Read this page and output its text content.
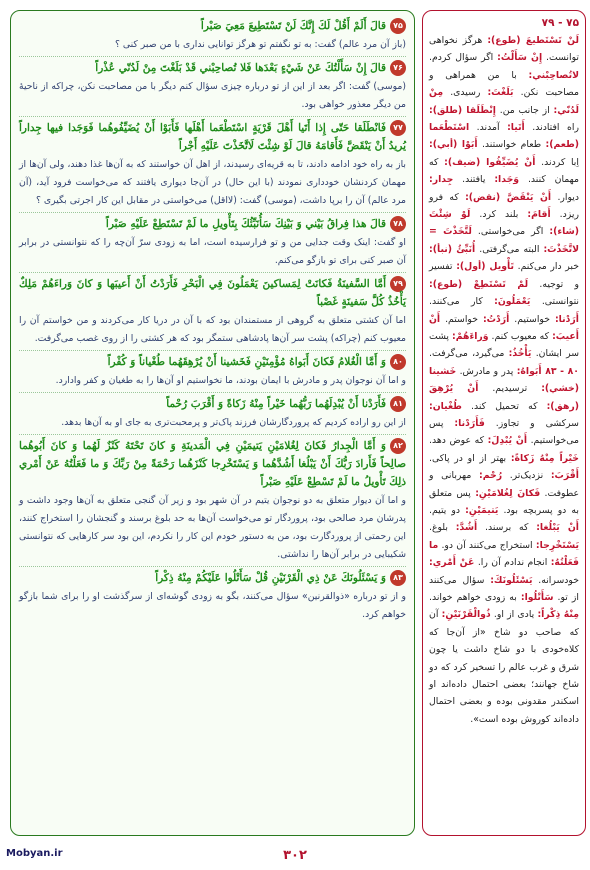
۷۵قالَ أَلَمْ أَقُلْ لَكَ إِنَّكَ لَنْ تَسْتَطِيعَ مَعِيَ صَبْراً
(باز آن مرد عالم) گفت: به تو نگفتم تو هرگز توانایی نداری با من صبر کنی ؟
۷۶قالَ إِنْ سَأَلْتُكَ عَنْ شَيْءٍ بَعْدَها فَلا تُصاحِبْني قَدْ بَلَغْتَ مِنْ لَدُنّي عُذْراً
(موسی) گفت: اگر بعد از این از تو درباره چیزی سؤال کنم دیگر با من مصاحبت نکن، چراکه از ناحیهٔ من دیگر معذور خواهی بود.
۷۷فَانْطَلَقا حَتّى إِذا أَتَيا أَهْلَ قَرْيَةٍ اسْتَطْعَما أَهْلَها فَأَبَوْا أَنْ يُضَيِّفُوهُما فَوَجَدا فيها جِداراً يُريدُ أَنْ يَنْقَضَّ فَأَقامَهُ قالَ لَوْ شِئْتَ لَاتَّخَذْتَ عَلَيْهِ أَجْراً
باز به راه خود ادامه دادند، تا به قریه‌ای رسیدند، از اهل آن خواستند که به آن‌ها غذا دهند، ولی آن‌ها از مهمان کردنشان خودداری نمودند (با این حال) در آن‌جا دیواری یافتند که می‌خواست فرود آید، (آن مرد عالم) آن را برپا داشت، (موسی) گفت: (لااقل) می‌خواستی در مقابل این کار اجرتی بگیری ؟
۷۸قالَ هذا فِراقُ بَيْني وَ بَيْنِكَ سَأُنَبِّئُكَ بِتَأْويلِ ما لَمْ تَسْتَطِعْ عَلَيْهِ صَبْراً
او گفت: اینک وقت جدایی من و تو فرارسیده است، اما به زودی سرّ آن‌چه را که نتوانستی در برابر آن صبر کنی برای تو بازگو می‌کنم.
۷۹أَمَّا السَّفينَةُ فَكانَتْ لِمَساكينَ يَعْمَلُونَ فِي الْبَحْرِ فَأَرَدْتُ أَنْ أَعيبَها وَ كانَ وَراءَهُمْ مَلِكٌ يَأْخُذُ كُلَّ سَفينَةٍ غَصْباً
اما آن کشتی متعلق به گروهی از مستمندان بود که با آن در دریا کار می‌کردند و من خواستم آن را معیوب کنم (چراکه) پشت سر آن‌ها پادشاهی ستمگر بود که هر کشتی را از روی غصب می‌گرفت.
۸۰وَ أَمَّا الْغُلامُ فَكانَ أَبَواهُ مُؤْمِنَيْنِ فَخَشينا أَنْ يُرْهِقَهُما طُغْياناً وَ كُفْراً
و اما آن نوجوان پدر و مادرش با ایمان بودند، ما نخواستیم او آن‌ها را به طغیان و کفر وادارد.
۸۱فَأَرَدْنا أَنْ يُبْدِلَهُما رَبُّهُما خَيْراً مِنْهُ زَكاةً وَ أَقْرَبَ رُحْماً
از این رو اراده کردیم که پروردگارشان فرزند پاک‌تر و پرمحبت‌تری به جای او به آن‌ها بدهد.
۸۲وَ أَمَّا الْجِدارُ فَكانَ لِغُلامَيْنِ يَتيمَيْنِ فِي الْمَدينَةِ وَ كانَ تَحْتَهُ كَنْزٌ لَهُما وَ كانَ أَبُوهُما صالِحاً فَأَرادَ رَبُّكَ أَنْ يَبْلُغا أَشُدَّهُما وَ يَسْتَخْرِجا كَنْزَهُما رَحْمَةً مِنْ رَبِّكَ وَ ما فَعَلْتُهُ عَنْ أَمْري ذلِكَ تَأْويلُ ما لَمْ تَسْطِعْ عَلَيْهِ صَبْراً
و اما آن دیوار متعلق به دو نوجوان یتیم در آن شهر بود و زیر آن گنجی متعلق به آن‌ها وجود داشت و پدرشان مرد صالحی بود، پروردگار تو می‌خواست آن‌ها به حد بلوغ برسند و گنجشان را استخراج کنند، این رحمتی از پروردگارت بود، من به دستور خودم این کار را نکردم، این بود سر کارهایی که نتوانستی شکیبایی در برابر آن‌ها را نداشتی.
۸۳وَ يَسْئَلُونَكَ عَنْ ذِي الْقَرْنَيْنِ قُلْ سَأَتْلُوا عَلَيْكُمْ مِنْهُ ذِكْراً
و از تو درباره «ذوالقرنین» سؤال می‌کنند، بگو به زودی گوشه‌ای از سرگذشت او را برای شما بازگو خواهم کرد.
۷۵ - ۷۹

لَنْ تَسْتَطيعَ (طوع): هرگز نخواهی توانست. إِنْ سَأَلْتُ: اگر سؤال کردم. لاتُصاحِبْني: با من همراهی و مصاحبت نکن. بَلَغْتَ: رسیدی. مِنْ لَدُنّي: از جانب من. إِنْطَلَقا (طلق): راه افتادند. أَتَيا: آمدند. اسْتَطْعَما (طعم): طعام خواستند. أَبَوْا (أبي): اِبا کردند. أَنْ يُضَيِّفُوا (ضيف): که مهمان کنند. وَجَدا: یافتند. جِدار: دیوار. أَنْ يَنْقَضَّ (نقض): که فرو ریزد. أَقامَ: بلند کرد. لَوْ شِئْتَ (شاء): اگر می‌خواستی. لَتَّخَذْتَ = لاتَّخَذْتَ: البته می‌گرفتی. أُنَبِّئُ (نبأ): خبر دار می‌کنم. تَأْويل (أول): تفسیر و توجیه. لَمْ تَسْتَطِعْ (طوع): نتوانستی. يَعْمَلُونَ: کار می‌کنند. أَرَدْنا: خواستیم. أَرَدْتُ: خواستم. أَنْ أَعيبَ: که معیوب کنم. وَراءَهُمْ: پشت سر ایشان. يَأْخُذُ: می‌گیرد، می‌گرفت. ۸۰ - ۸۳ أَبَواهُ: پدر و مادرش. خَشينا (خشي): ترسیدیم. أَنْ يُرْهِقَ (رهق): که تحمیل کند. طُغْيان: سرکشی و تجاوز. فَأَرَدْنا: پس می‌خواستیم. أَنْ يُبْدِلَ: که عوض دهد. خَيْراً مِنْهُ زَكاةً: بهتر از او در پاکی. أَقْرَبَ: نزدیک‌تر. رُحْم: مهربانی و عطوفت. فَكانَ لِغُلامَيْنِ: پس متعلق به دو پسربچه بود. يَتيمَيْنِ: دو یتیم. أَنْ يَبْلُغا: که برسند. أَشُدَّ: بلوغ. يَسْتَخْرِجا: استخراج می‌کنند آن دو. ما فَعَلْتُهُ: انجام ندادم آن را. عَنْ أَمْري: خودسرانه. يَسْئَلُونَكَ: سؤال می‌کنند از تو. سَأَتْلُوا: به زودی خواهم خواند. مِنْهُ ذِكْراً: یادی از او. ذُوالْقَرْنَيْنِ: آن که صاحب دو شاخ «از آن‌جا که کلاه‌خودی با دو شاخ داشت یا چون شرق و غرب عالم را تسخیر کرد که دو شاخ جهانند؛ بعضی احتمال داده‌اند او اسکندر مقدونی بوده و بعضی احتمال داده‌اند کوروش بوده است».

Mobyan.ir	۳۰۲
